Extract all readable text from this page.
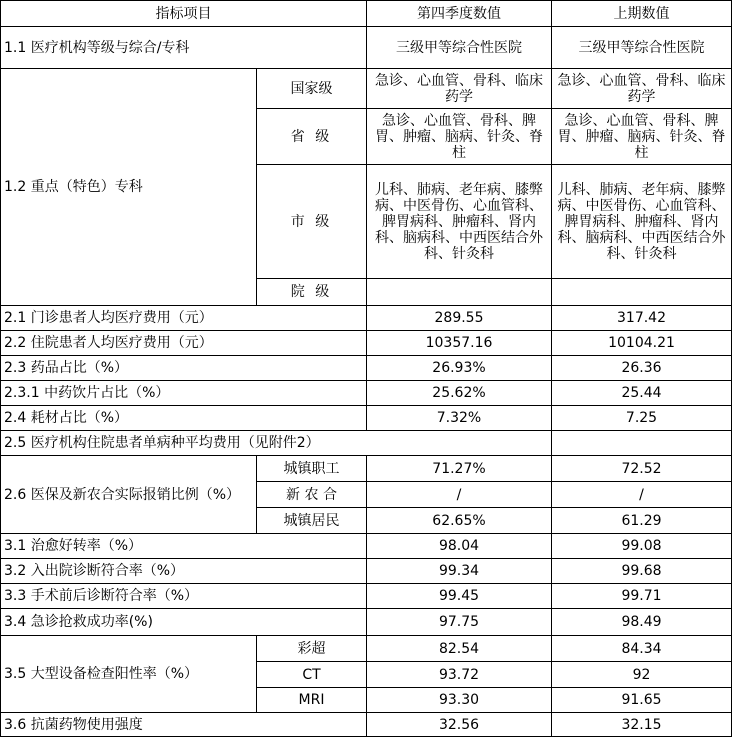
指标项目		第四季度数值	上期数值
1.1 医疗机构等级与综合/专科		三级甲等综合性医院	三级甲等综合性医院
1.2 重点（特色）专科	国家级	急诊、心血管、骨科、临床药学	急诊、心血管、骨科、临床药学
	省 级	急诊、心血管、骨科、脾胃、肿瘤、脑病、针灸、脊柱	急诊、心血管、骨科、脾胃、肿瘤、脑病、针灸、脊柱
	市 级	儿科、肺病、老年病、膝弊病、中医骨伤、心血管科、脾胃病科、肿瘤科、肾内科、脑病科、中西医结合外科、针灸科	儿科、肺病、老年病、膝弊病、中医骨伤、心血管科、脾胃病科、肿瘤科、肾内科、脑病科、中西医结合外科、针灸科
	院 级		
2.1 门诊患者人均医疗费用（元）		289.55	317.42
2.2 住院患者人均医疗费用（元）		10357.16	10104.21
2.3 药品占比（%）		26.93%	26.36
2.3.1 中药饮片占比（%）		25.62%	25.44
2.4 耗材占比（%）		7.32%	7.25
2.5 医疗机构住院患者单病种平均费用（见附件2）			
2.6 医保及新农合实际报销比例（%）	城镇职工	71.27%	72.52
	新 农 合	/	/
	城镇居民	62.65%	61.29
3.1 治愈好转率（%）		98.04	99.08
3.2 入出院诊断符合率（%）		99.34	99.68
3.3 手术前后诊断符合率（%）		99.45	99.71
3.4 急诊抢救成功率(%)		97.75	98.49
3.5 大型设备检查阳性率（%）	彩超	82.54	84.34
	CT	93.72	92
	MRI	93.30	91.65
3.6 抗菌药物使用强度		32.56	32.15
